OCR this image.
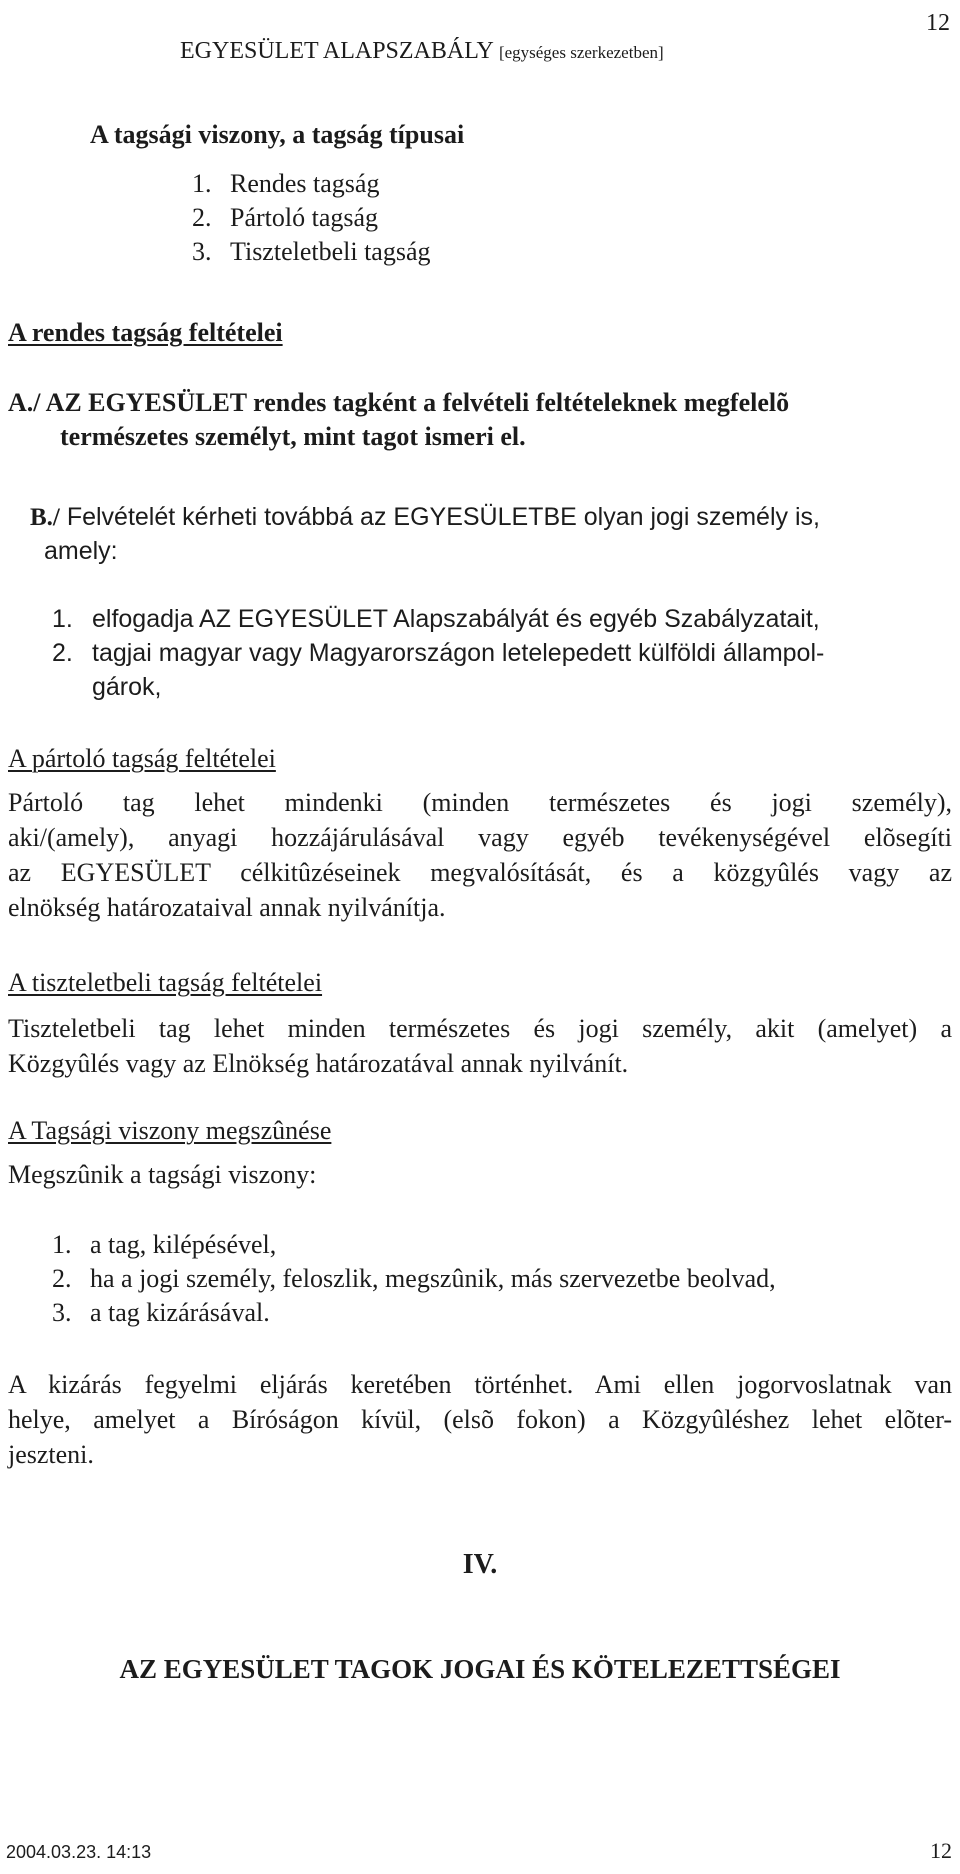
EGYESÜLET ALAPSZABÁLY [egységes szerkezetben]
12
A tagsági viszony, a tagság típusai
1. Rendes tagság
2. Pártoló tagság
3. Tiszteletbeli tagság
A rendes tagság feltételei
A./ AZ EGYESÜLET rendes tagként a felvételi feltételeknek megfelelõ
természetes személyt, mint tagot ismeri el.
B./ Felvételét kérheti továbbá az EGYESÜLETBE olyan jogi személy is,
amely:
1. elfogadja AZ EGYESÜLET Alapszabályát és egyéb Szabályzatait,
2. tagjai magyar vagy Magyarországon letelepedett külföldi állampol-
gárok,
A pártoló tagság feltételei
Pártoló tag lehet mindenki (minden természetes és jogi személy),
aki/(amely), anyagi hozzájárulásával vagy egyéb tevékenységével elõsegíti
az EGYESÜLET célkitûzéseinek megvalósítását, és a közgyûlés vagy az
elnökség határozataival annak nyilvánítja.
A tiszteletbeli tagság feltételei
Tiszteletbeli tag lehet minden természetes és jogi személy, akit (amelyet) a
Közgyûlés vagy az Elnökség határozatával annak nyilvánít.
A Tagsági viszony megszûnése
Megszûnik a tagsági viszony:
1. a tag, kilépésével,
2. ha a jogi személy, feloszlik, megszûnik, más szervezetbe beolvad,
3. a tag kizárásával.
A kizárás fegyelmi eljárás keretében történhet. Ami ellen jogorvoslatnak van
helye, amelyet a Bíróságon kívül, (elsõ fokon) a Közgyûléshez lehet elõter-
jeszteni.
IV.
AZ EGYESÜLET TAGOK JOGAI ÉS KÖTELEZETTSÉGEI
2004.03.23. 14:13	12
